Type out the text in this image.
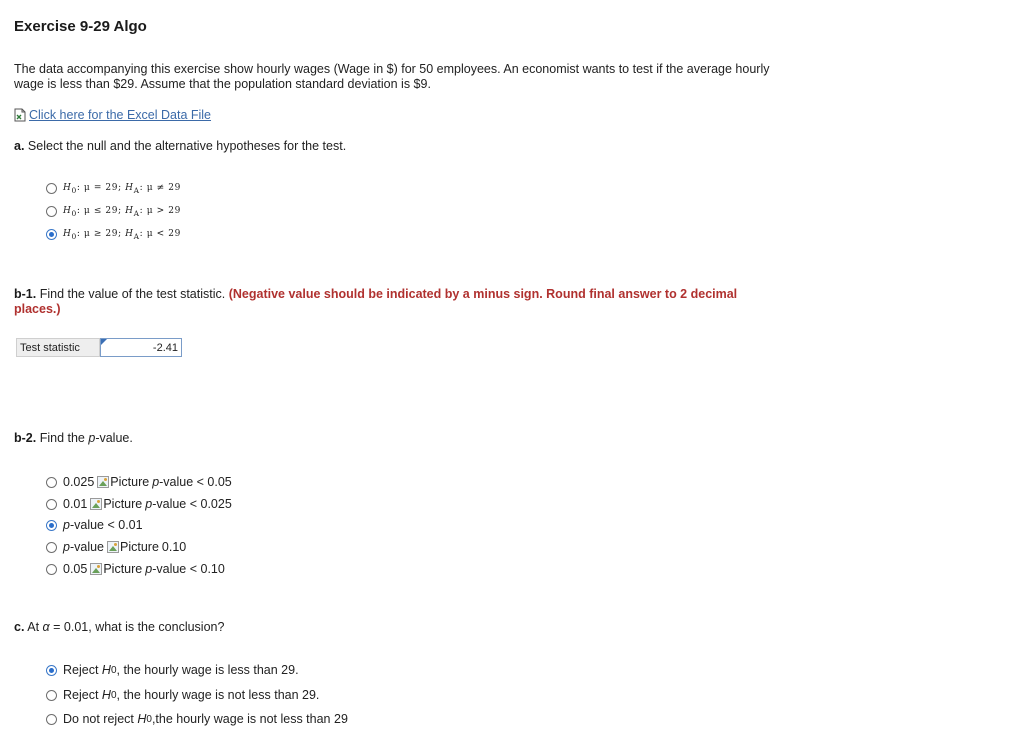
Exercise 9-29 Algo
The data accompanying this exercise show hourly wages (Wage in $) for 50 employees. An economist wants to test if the average hourly wage is less than $29. Assume that the population standard deviation is $9.
Click here for the Excel Data File
a. Select the null and the alternative hypotheses for the test.
$H_0$: μ = 29; $H_A$: μ ≠ 29
$H_0$: μ ≤ 29; $H_A$: μ > 29
$H_0$: μ ≥ 29; $H_A$: μ < 29
b-1. Find the value of the test statistic. (Negative value should be indicated by a minus sign. Round final answer to 2 decimal places.)
Test statistic	-2.41
b-2. Find the p-value.
0.025 Picture p-value < 0.05
0.01 Picture p-value < 0.025
p-value < 0.01
p-value Picture 0.10
0.05 Picture p-value < 0.10
c. At α = 0.01, what is the conclusion?
Reject H 0 , the hourly wage is less than 29.
Reject H 0 , the hourly wage is not less than 29.
Do not reject H 0 ,the hourly wage is not less than 29
